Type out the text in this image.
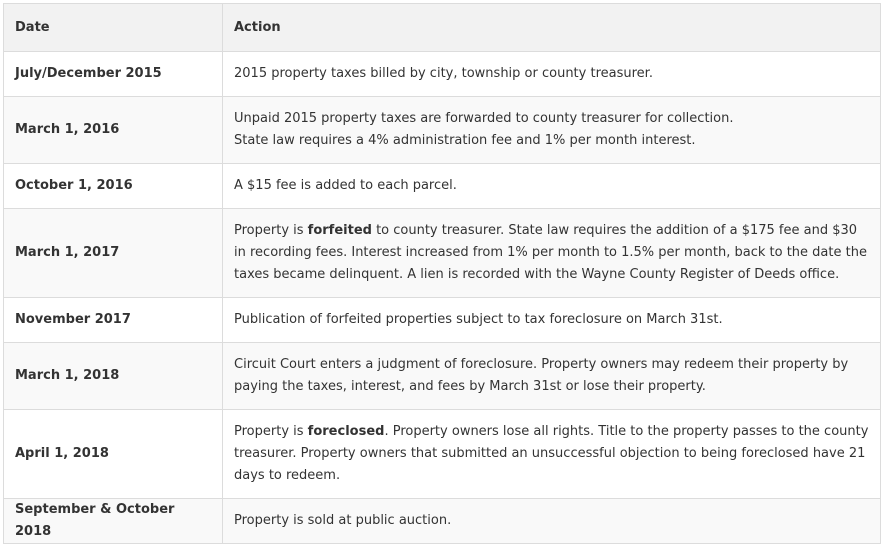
Date	Action
July/December 2015	2015 property taxes billed by city, township or county treasurer.
March 1, 2016	Unpaid 2015 property taxes are forwarded to county treasurer for collection.
State law requires a 4% administration fee and 1% per month interest.

October 1, 2016	A $15 fee is added to each parcel.
March 1, 2017	Property is forfeited to county treasurer. State law requires the addition of a $175 fee and $30 in recording fees. Interest increased from 1% per month to 1.5% per month, back to the date the taxes became delinquent. A lien is recorded with the Wayne County Register of Deeds office.
November 2017	Publication of forfeited properties subject to tax foreclosure on March 31st.
March 1, 2018	Circuit Court enters a judgment of foreclosure. Property owners may redeem their property by paying the taxes, interest, and fees by March 31st or lose their property.
April 1, 2018	Property is foreclosed. Property owners lose all rights. Title to the property passes to the county treasurer. Property owners that submitted an unsuccessful objection to being foreclosed have 21 days to redeem.
September & October 2018	Property is sold at public auction.
